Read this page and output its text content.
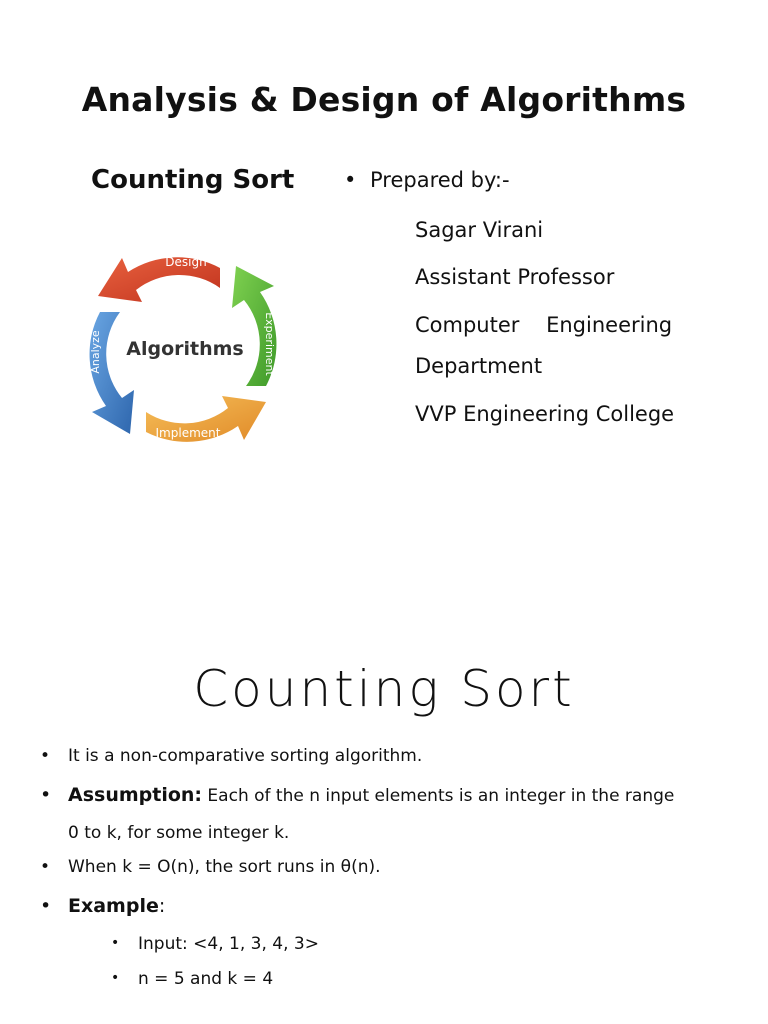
Analysis & Design of Algorithms
Counting Sort
Design
Experiment
Implement
Analyze Algorithms
• Prepared by:-
Sagar Virani
Assistant Professor
Computer    Engineering
Department
VVP Engineering College
Counting Sort
• It is a non-comparative sorting algorithm.
• Assumption: Each of the n input elements is an integer in the range
0 to k, for some integer k.
• When k = O(n), the sort runs in θ(n).
• Example:
• Input: <4, 1, 3, 4, 3>
• n = 5 and k = 4
